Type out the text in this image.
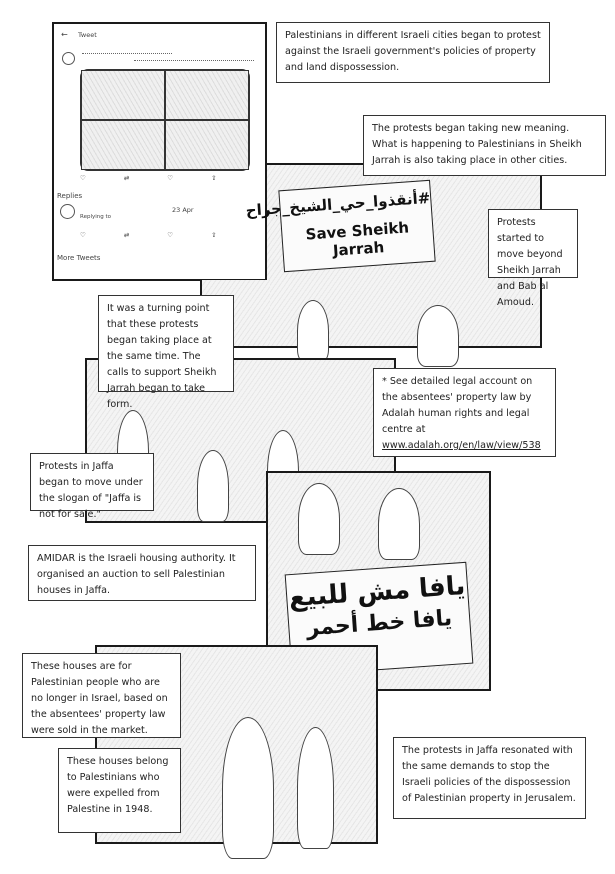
← Tweet
♡⇄♡⇪
Replies
23 Apr
Replying to
♡⇄♡⇪
More Tweets
#أنقذوا_حي_الشيخ_جراح
Save Sheikh Jarrah
يافا مش للبيع
يافا خط أحمر
Palestinians in different Israeli cities began to protest against the Israeli government's policies of property and land dispossession.
The protests began taking new meaning. What is happening to Palestinians in Sheikh Jarrah is also taking place in other cities.
Protests started to move beyond Sheikh Jarrah and Bab al Amoud.
It was a turning point that these protests began taking place at the same time. The calls to support Sheikh Jarrah began to take form.
* See detailed legal account on the absentees' property law by Adalah human rights and legal centre at
www.adalah.org/en/law/view/538
Protests in Jaffa began to move under the slogan of "Jaffa is not for sale."
AMIDAR is the Israeli housing authority. It organised an auction to sell Palestinian houses in Jaffa.
These houses are for Palestinian people who are no longer in Israel, based on the absentees' property law were sold in the market.
These houses belong to Palestinians who were expelled from Palestine in 1948.
The protests in Jaffa resonated with the same demands to stop the Israeli policies of the dispossession of Palestinian property in Jerusalem.
